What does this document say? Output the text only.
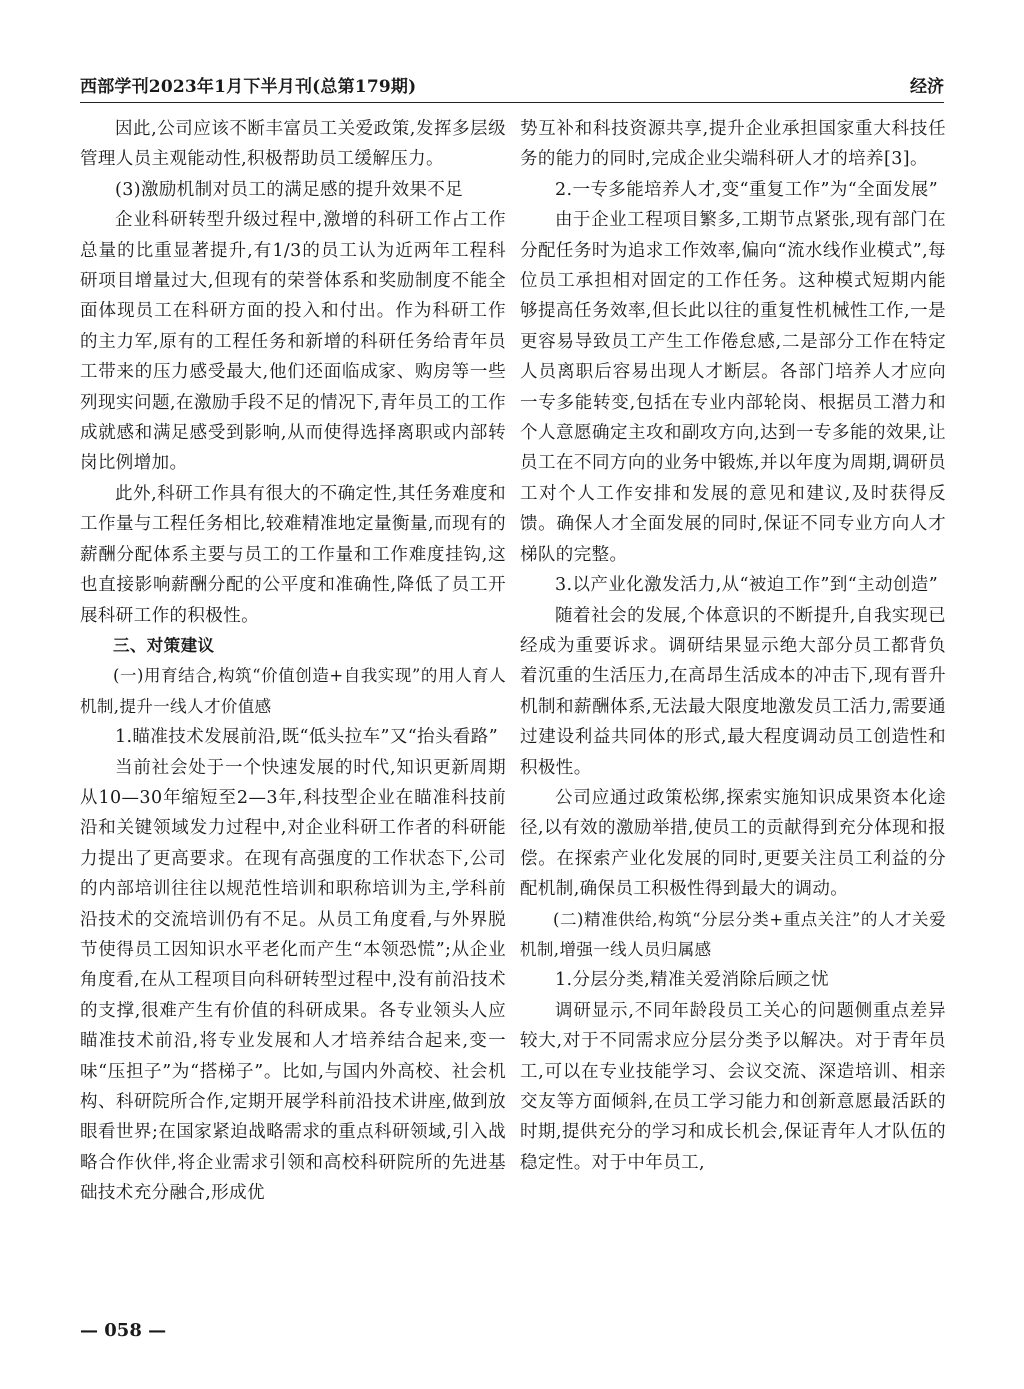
西部学刊2023年1月下半月刊(总第179期)	经济

因此,公司应该不断丰富员工关爱政策,发挥多层级管理人员主观能动性,积极帮助员工缓解压力。

(3)激励机制对员工的满足感的提升效果不足

企业科研转型升级过程中,激增的科研工作占工作总量的比重显著提升,有1/3的员工认为近两年工程科研项目增量过大,但现有的荣誉体系和奖励制度不能全面体现员工在科研方面的投入和付出。作为科研工作的主力军,原有的工程任务和新增的科研任务给青年员工带来的压力感受最大,他们还面临成家、购房等一些列现实问题,在激励手段不足的情况下,青年员工的工作成就感和满足感受到影响,从而使得选择离职或内部转岗比例增加。

此外,科研工作具有很大的不确定性,其任务难度和工作量与工程任务相比,较难精准地定量衡量,而现有的薪酬分配体系主要与员工的工作量和工作难度挂钩,这也直接影响薪酬分配的公平度和准确性,降低了员工开展科研工作的积极性。

三、对策建议

(一)用育结合,构筑“价值创造+自我实现”的用人育人机制,提升一线人才价值感

1.瞄准技术发展前沿,既“低头拉车”又“抬头看路”

当前社会处于一个快速发展的时代,知识更新周期从10—30年缩短至2—3年,科技型企业在瞄准科技前沿和关键领域发力过程中,对企业科研工作者的科研能力提出了更高要求。在现有高强度的工作状态下,公司的内部培训往往以规范性培训和职称培训为主,学科前沿技术的交流培训仍有不足。从员工角度看,与外界脱节使得员工因知识水平老化而产生“本领恐慌”;从企业角度看,在从工程项目向科研转型过程中,没有前沿技术的支撑,很难产生有价值的科研成果。各专业领头人应瞄准技术前沿,将专业发展和人才培养结合起来,变一味“压担子”为“搭梯子”。比如,与国内外高校、社会机构、科研院所合作,定期开展学科前沿技术讲座,做到放眼看世界;在国家紧迫战略需求的重点科研领域,引入战略合作伙伴,将企业需求引领和高校科研院所的先进基础技术充分融合,形成优

势互补和科技资源共享,提升企业承担国家重大科技任务的能力的同时,完成企业尖端科研人才的培养[3]。

2.一专多能培养人才,变“重复工作”为“全面发展”

由于企业工程项目繁多,工期节点紧张,现有部门在分配任务时为追求工作效率,偏向“流水线作业模式”,每位员工承担相对固定的工作任务。这种模式短期内能够提高任务效率,但长此以往的重复性机械性工作,一是更容易导致员工产生工作倦怠感,二是部分工作在特定人员离职后容易出现人才断层。各部门培养人才应向一专多能转变,包括在专业内部轮岗、根据员工潜力和个人意愿确定主攻和副攻方向,达到一专多能的效果,让员工在不同方向的业务中锻炼,并以年度为周期,调研员工对个人工作安排和发展的意见和建议,及时获得反馈。确保人才全面发展的同时,保证不同专业方向人才梯队的完整。

3.以产业化激发活力,从“被迫工作”到“主动创造”

随着社会的发展,个体意识的不断提升,自我实现已经成为重要诉求。调研结果显示绝大部分员工都背负着沉重的生活压力,在高昂生活成本的冲击下,现有晋升机制和薪酬体系,无法最大限度地激发员工活力,需要通过建设利益共同体的形式,最大程度调动员工创造性和积极性。

公司应通过政策松绑,探索实施知识成果资本化途径,以有效的激励举措,使员工的贡献得到充分体现和报偿。在探索产业化发展的同时,更要关注员工利益的分配机制,确保员工积极性得到最大的调动。

(二)精准供给,构筑“分层分类+重点关注”的人才关爱机制,增强一线人员归属感

1.分层分类,精准关爱消除后顾之忧

调研显示,不同年龄段员工关心的问题侧重点差异较大,对于不同需求应分层分类予以解决。对于青年员工,可以在专业技能学习、会议交流、深造培训、相亲交友等方面倾斜,在员工学习能力和创新意愿最活跃的时期,提供充分的学习和成长机会,保证青年人才队伍的稳定性。对于中年员工,

— 058 —
